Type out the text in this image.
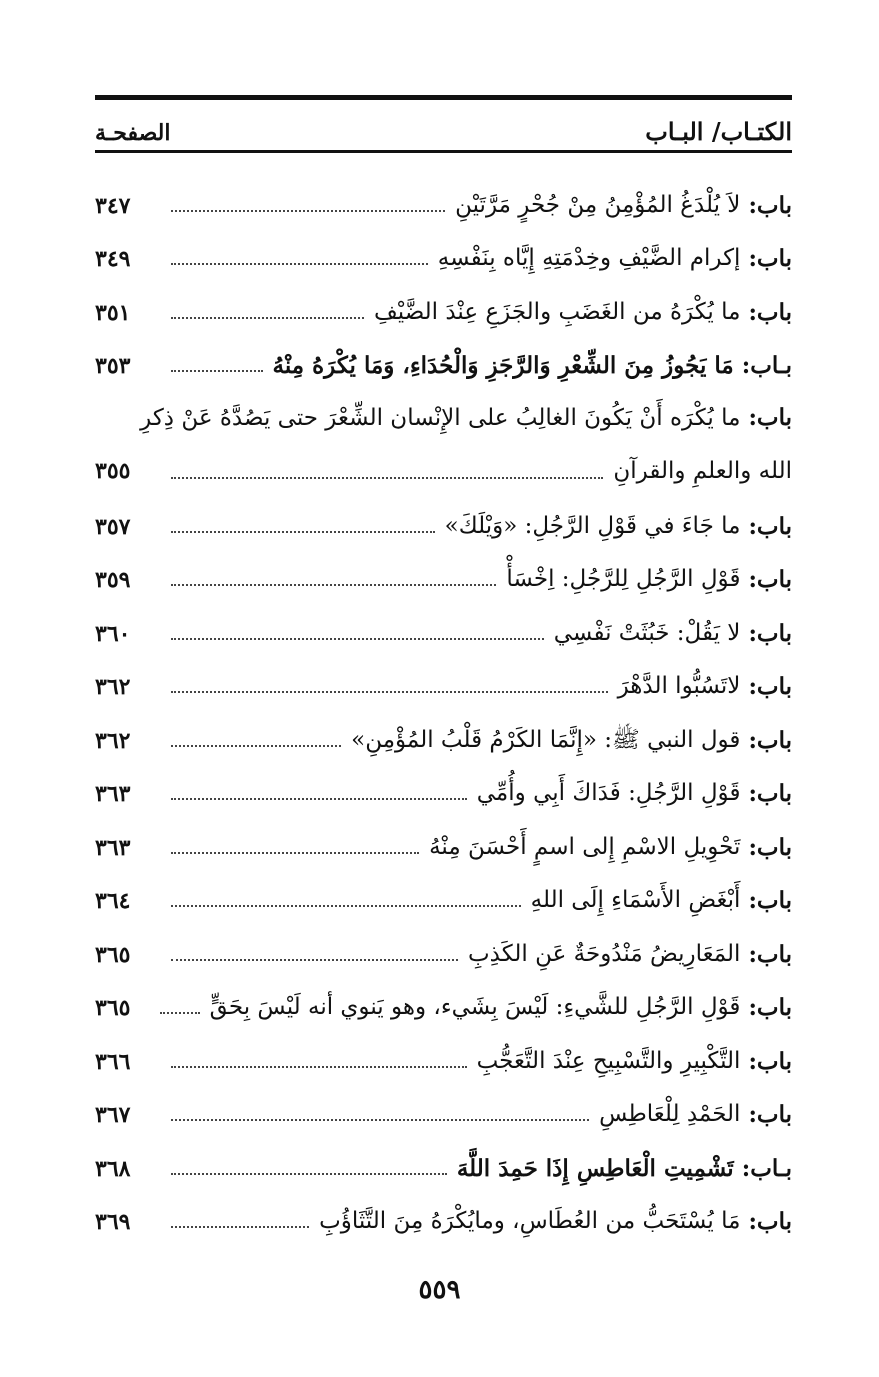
الكتـاب/ البـاب
الصفحـة
باب:
لاَ يُلْدَغُ المُؤْمِنُ مِنْ جُحْرٍ مَرَّتَيْنِ
٣٤٧
باب:
إكرام الضَّيْفِ وخِدْمَتِهِ إِيَّاه بِنَفْسِهِ
٣٤٩
باب:
ما يُكْرَهُ من الغَضَبِ والجَزَعِ عِنْدَ الضَّيْفِ
٣٥١
بـاب:
مَا يَجُوزُ مِنَ الشِّعْرِ وَالرَّجَزِ وَالْحُدَاءِ، وَمَا يُكْرَهُ مِنْهُ
٣٥٣
باب:
ما يُكْرَه أَنْ يَكُونَ الغالِبُ على الإِنْسان الشِّعْرَ حتى يَصُدَّهُ عَنْ ذِكرِ
الله والعلمِ والقرآنِ
٣٥٥
باب:
ما جَاءَ في قَوْلِ الرَّجُلِ: «وَيْلَكَ»
٣٥٧
باب:
قَوْلِ الرَّجُلِ لِلرَّجُلِ: اِخْسَأْ
٣٥٩
باب:
لا يَقُلْ: خَبُثَتْ نَفْسِي
٣٦٠
باب:
لاتَسُبُّوا الدَّهْرَ
٣٦٢
باب:
قول النبي ﷺ: «إِنَّمَا الكَرْمُ قَلْبُ المُؤْمِنِ»
٣٦٢
باب:
قَوْلِ الرَّجُلِ: فَدَاكَ أَبِي وأُمِّي
٣٦٣
باب:
تَحْوِيلِ الاسْمِ إِلى اسمٍ أَحْسَنَ مِنْهُ
٣٦٣
باب:
أَبْغَضِ الأَسْمَاءِ إِلَى اللهِ
٣٦٤
باب:
المَعَارِيضُ مَنْدُوحَةٌ عَنِ الكَذِبِ
٣٦٥
باب:
قَوْلِ الرَّجُلِ للشَّيءِ: لَيْسَ بِشَيء، وهو يَنوي أنه لَيْسَ بِحَقٍّ
٣٦٥
باب:
التَّكْبِيرِ والتَّسْبِيحِ عِنْدَ التَّعَجُّبِ
٣٦٦
باب:
الحَمْدِ لِلْعَاطِسِ
٣٦٧
بـاب:
تَشْمِيتِ الْعَاطِسِ إِذَا حَمِدَ اللَّهَ
٣٦٨
باب:
مَا يُسْتَحَبُّ من العُطَاسِ، ومايُكْرَهُ مِنَ التَّثَاؤُبِ
٣٦٩
٥٥٩
